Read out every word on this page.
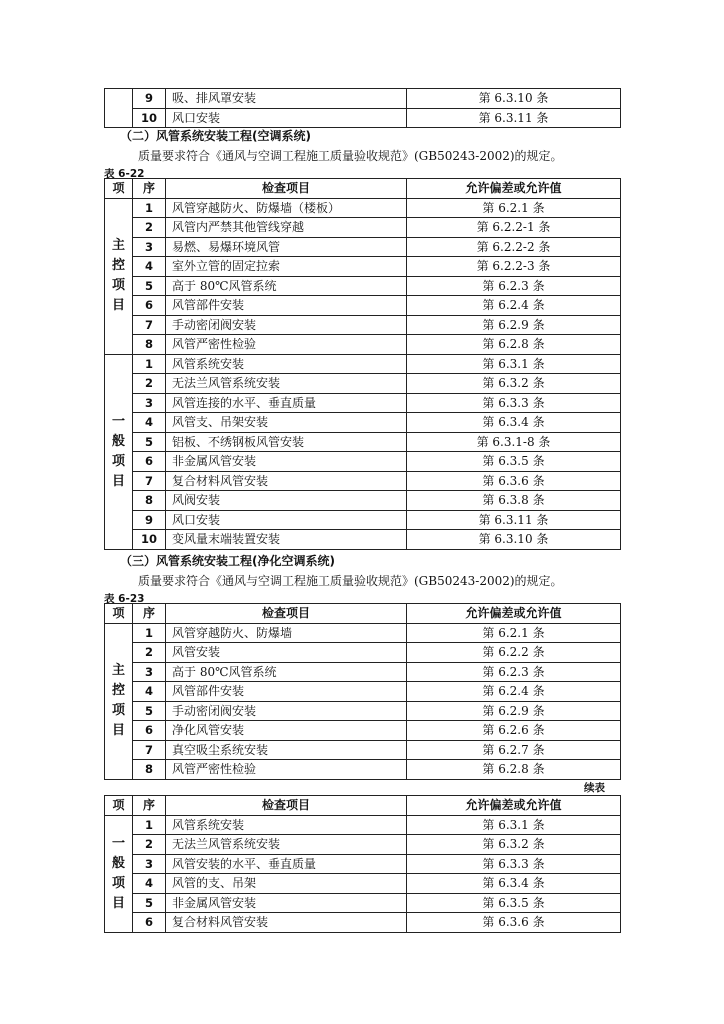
	9	吸、排风罩安装	第 6.3.10 条
	10	风口安装	第 6.3.11 条
（二）风管系统安装工程(空调系统)
质量要求符合《通风与空调工程施工质量验收规范》(GB50243-2002)的规定。
表 6-22
项	序	检查项目	允许偏差或允许值

主
控
项
目	1	风管穿越防火、防爆墙（楼板）	第 6.2.1 条
	2	风管内严禁其他管线穿越	第 6.2.2-1 条
	3	易燃、易爆环境风管	第 6.2.2-2 条
	4	室外立管的固定拉索	第 6.2.2-3 条
	5	高于 80℃风管系统	第 6.2.3 条
	6	风管部件安装	第 6.2.4 条
	7	手动密闭阀安装	第 6.2.9 条
	8	风管严密性检验	第 6.2.8 条

一
般
项
目	1	风管系统安装	第 6.3.1 条
	2	无法兰风管系统安装	第 6.3.2 条
	3	风管连接的水平、垂直质量	第 6.3.3 条
	4	风管支、吊架安装	第 6.3.4 条
	5	铝板、不绣钢板风管安装	第 6.3.1-8 条
	6	非金属风管安装	第 6.3.5 条
	7	复合材料风管安装	第 6.3.6 条
	8	风阀安装	第 6.3.8 条
	9	风口安装	第 6.3.11 条
	10	变风量末端装置安装	第 6.3.10 条
（三）风管系统安装工程(净化空调系统)
质量要求符合《通风与空调工程施工质量验收规范》(GB50243-2002)的规定。
表 6-23
项	序	检查项目	允许偏差或允许值

主
控
项
目	1	风管穿越防火、防爆墙	第 6.2.1 条
	2	风管安装	第 6.2.2 条
	3	高于 80℃风管系统	第 6.2.3 条
	4	风管部件安装	第 6.2.4 条
	5	手动密闭阀安装	第 6.2.9 条
	6	净化风管安装	第 6.2.6 条
	7	真空吸尘系统安装	第 6.2.7 条
	8	风管严密性检验	第 6.2.8 条
续表
项	序	检查项目	允许偏差或允许值

一
般
项
目	1	风管系统安装	第 6.3.1 条
	2	无法兰风管系统安装	第 6.3.2 条
	3	风管安装的水平、垂直质量	第 6.3.3 条
	4	风管的支、吊架	第 6.3.4 条
	5	非金属风管安装	第 6.3.5 条
	6	复合材料风管安装	第 6.3.6 条
